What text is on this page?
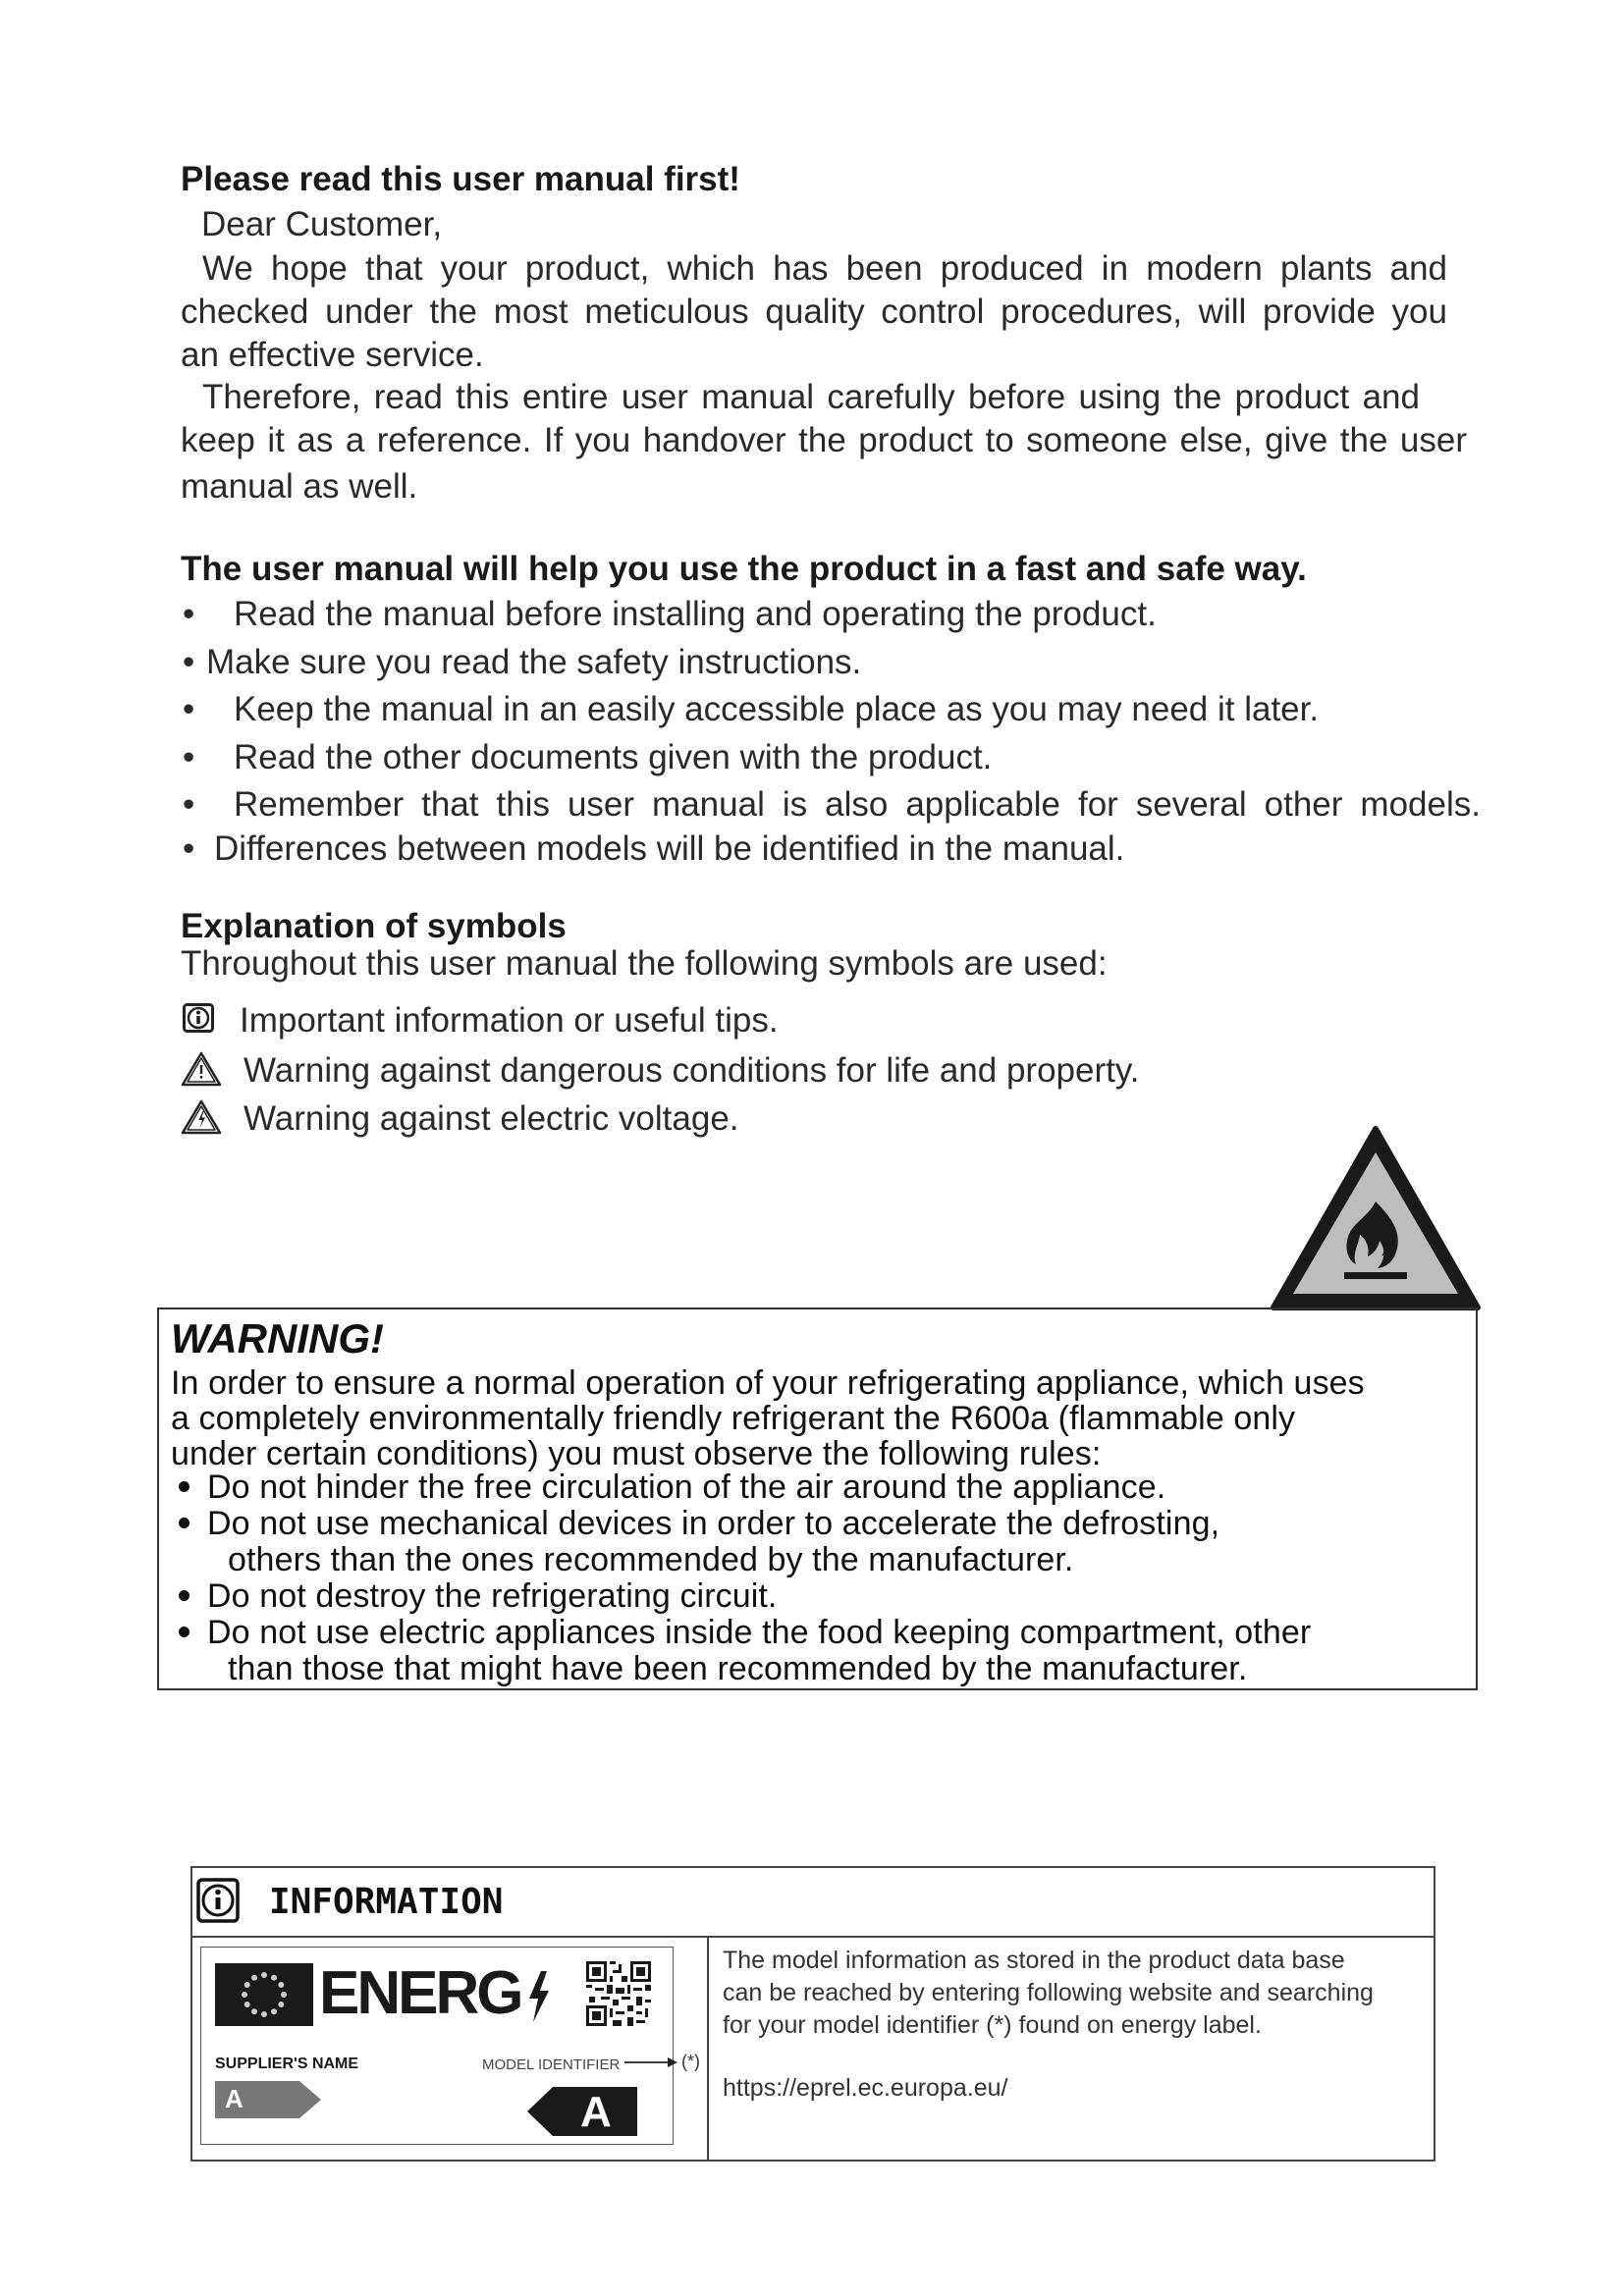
Please read this user manual first!
Dear Customer,
We hope that your product, which has been produced in modern plants and
checked under the most meticulous quality control procedures, will provide you
an effective service.
Therefore, read this entire user manual carefully before using the product and
keep it as a reference. If you handover the product to someone else, give the user
manual as well.
The user manual will help you use the product in a fast and safe way.
• Read the manual before installing and operating the product.
• Make sure you read the safety instructions.
• Keep the manual in an easily accessible place as you may need it later.
• Read the other documents given with the product.
•	Remember that this user manual is also applicable for several other models.
• Differences between models will be identified in the manual.
Explanation of symbols
Throughout this user manual the following symbols are used:
Important information or useful tips.
Warning against dangerous conditions for life and property.
Warning against electric voltage.
WARNING!
In order to ensure a normal operation of your refrigerating appliance, which uses
a completely environmentally friendly refrigerant the R600a (flammable only
under certain conditions) you must observe the following rules:
Do not hinder the free circulation of the air around the appliance.
Do not use mechanical devices in order to accelerate the defrosting,
others than the ones recommended by the manufacturer.
Do not destroy the refrigerating circuit.
Do not use electric appliances inside the food keeping compartment, other
than those that might have been recommended by the manufacturer.
INFORMATION
ENERG
SUPPLIER'S NAME	MODEL IDENTIFIER
A	A
(*)
The model information as stored in the product data base
can be reached by entering following website and searching
for your model identifier (*) found on energy label.
https://eprel.ec.europa.eu/
